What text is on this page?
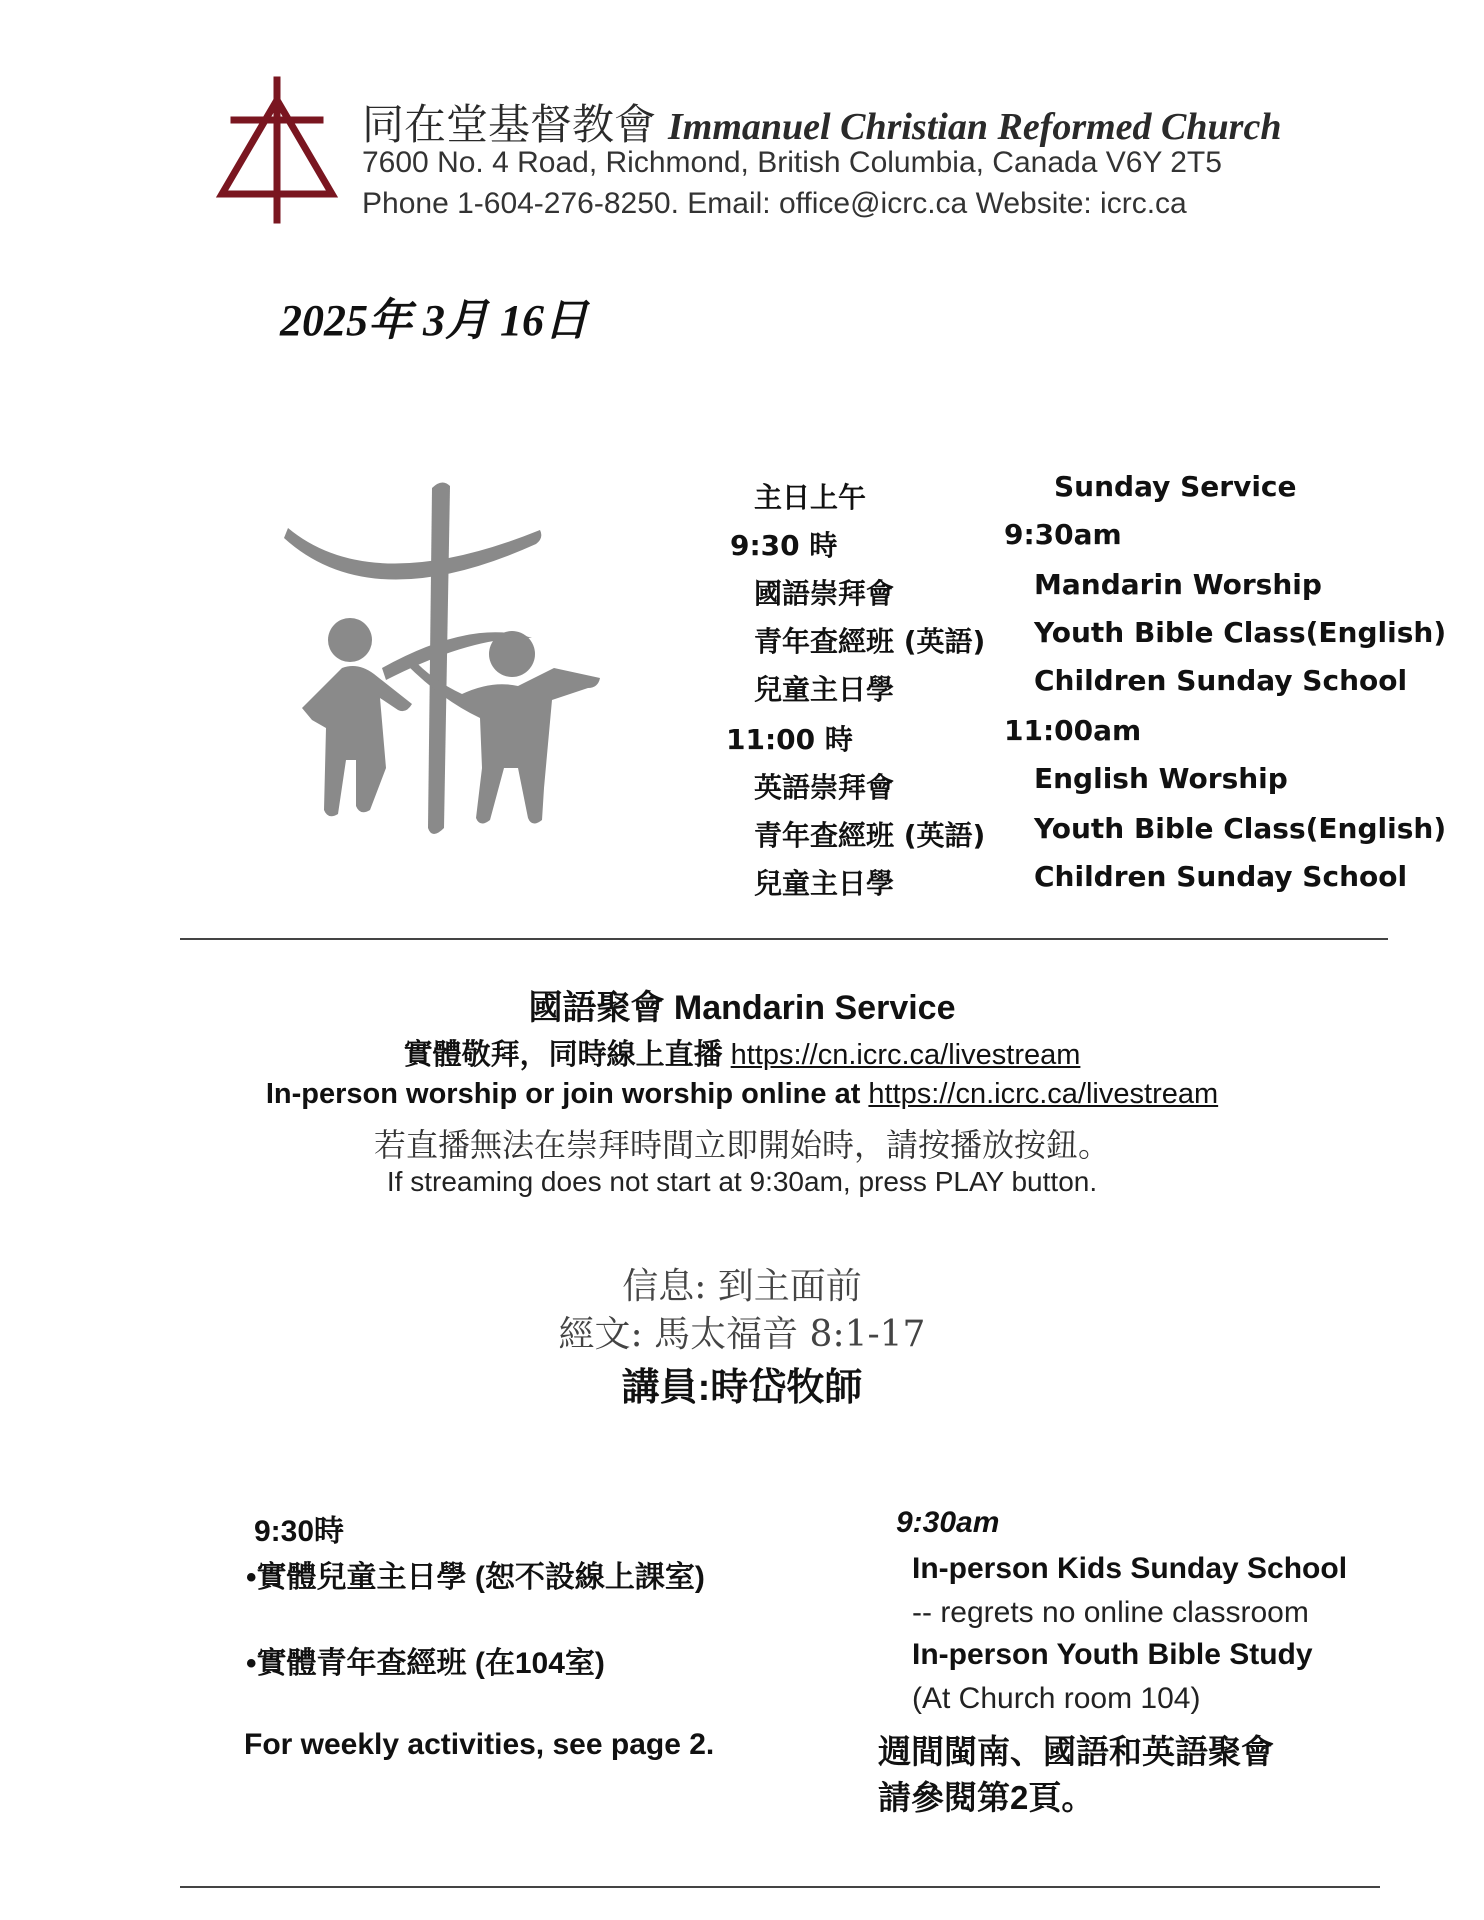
同在堂基督教會 Immanuel Christian Reformed Church
7600 No. 4 Road, Richmond, British Columbia, Canada V6Y 2T5
Phone 1-604-276-8250. Email: office@icrc.ca Website: icrc.ca
2025年 3月 16日
主日上午
9:30 時
國語崇拜會
青年查經班 (英語)
兒童主日學
11:00 時
英語崇拜會
青年查經班 (英語)
兒童主日學
Sunday Service
9:30am
Mandarin Worship
Youth Bible Class(English)
Children Sunday School
11:00am
English Worship
Youth Bible Class(English)
Children Sunday School
國語聚會 Mandarin Service
實體敬拜，同時線上直播 https://cn.icrc.ca/livestream
In-person worship or join worship online at https://cn.icrc.ca/livestream
若直播無法在崇拜時間立即開始時，請按播放按鈕。
If streaming does not start at 9:30am, press PLAY button.
信息: 到主面前
經文: 馬太福音 8:1-17
講員:時岱牧師
9:30時
•實體兒童主日學 (恕不設線上課室)
•實體青年查經班 (在104室)
For weekly activities, see page 2.
9:30am
In-person Kids Sunday School
-- regrets no online classroom
In-person Youth Bible Study
(At Church room 104)
週間閩南、國語和英語聚會
請參閱第2頁。
